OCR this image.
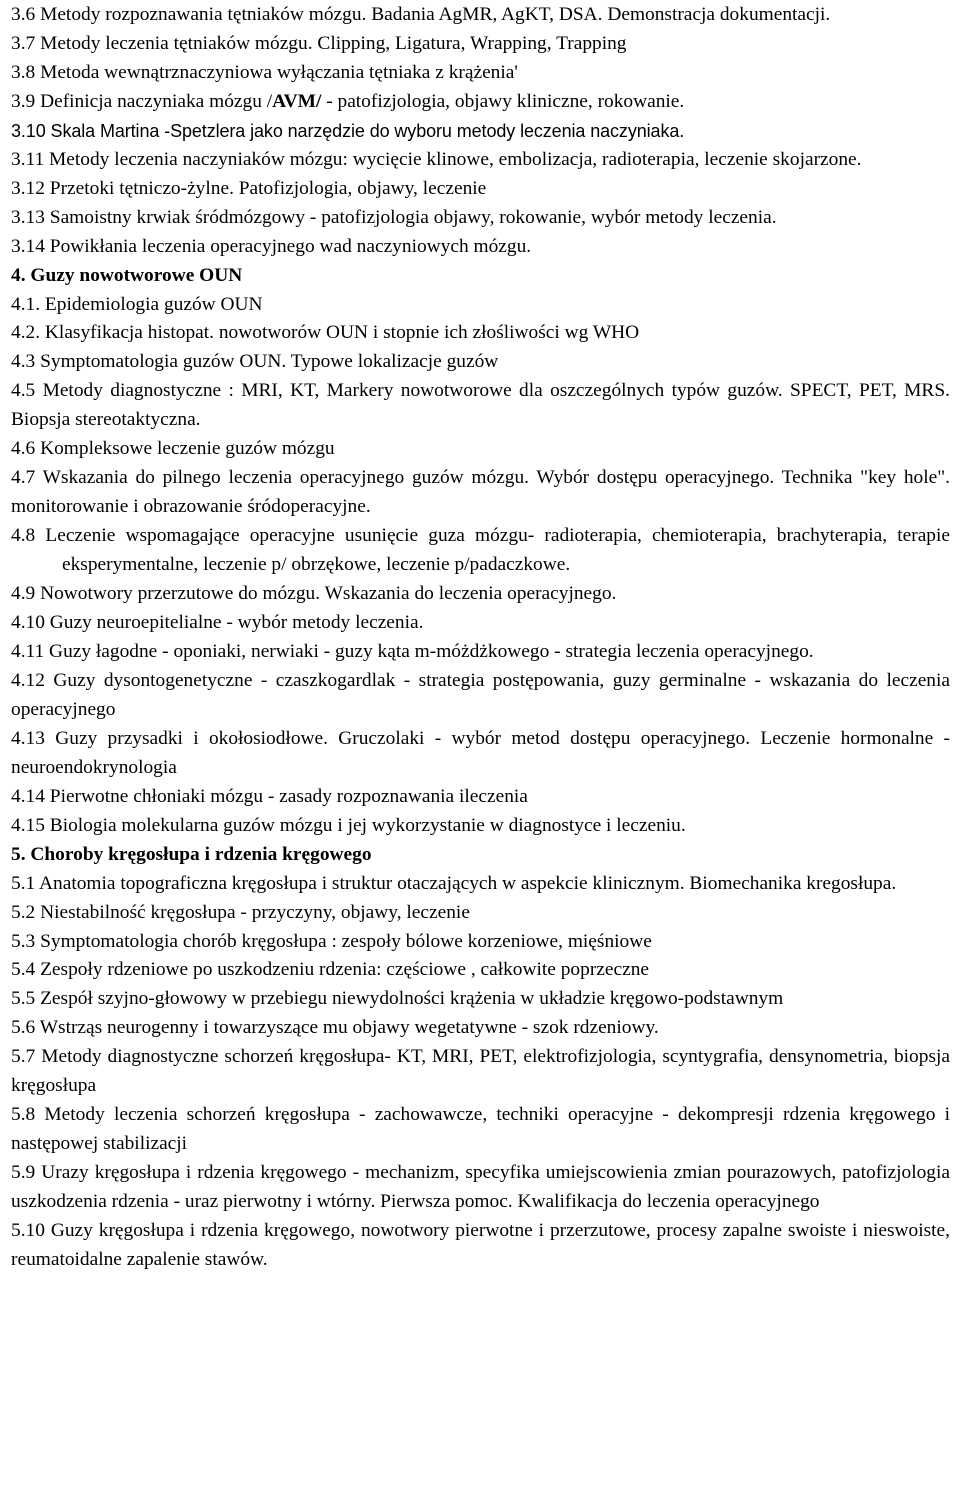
3.6 Metody rozpoznawania tętniaków mózgu. Badania AgMR, AgKT, DSA. Demonstracja dokumentacji.

3.7 Metody leczenia tętniaków mózgu. Clipping, Ligatura, Wrapping, Trapping

3.8 Metoda wewnątrznaczyniowa wyłączania tętniaka z krążenia'

3.9 Definicja naczyniaka mózgu /AVM/ - patofizjologia, objawy kliniczne, rokowanie.

3.10 Skala Martina -Spetzlera jako narzędzie do wyboru metody leczenia naczyniaka.

3.11 Metody leczenia naczyniaków mózgu: wycięcie klinowe, embolizacja, radioterapia, leczenie skojarzone.

3.12 Przetoki tętniczo-żylne. Patofizjologia, objawy, leczenie

3.13 Samoistny krwiak śródmózgowy - patofizjologia objawy, rokowanie, wybór metody leczenia.

3.14 Powikłania leczenia operacyjnego wad naczyniowych mózgu.

4. Guzy nowotworowe OUN

4.1. Epidemiologia guzów OUN

4.2. Klasyfikacja histopat. nowotworów OUN i stopnie ich złośliwości wg WHO

4.3 Symptomatologia guzów OUN. Typowe lokalizacje guzów

4.5 Metody diagnostyczne : MRI, KT, Markery nowotworowe dla oszczególnych typów guzów. SPECT, PET, MRS. Biopsja stereotaktyczna.

4.6 Kompleksowe leczenie guzów mózgu

4.7 Wskazania do pilnego leczenia operacyjnego guzów mózgu. Wybór dostępu operacyjnego. Technika "key hole". monitorowanie i obrazowanie śródoperacyjne.

4.8 Leczenie wspomagające operacyjne usunięcie guza mózgu- radioterapia, chemioterapia, brachyterapia, terapie eksperymentalne, leczenie p/ obrzękowe, leczenie p/padaczkowe.

4.9 Nowotwory przerzutowe do mózgu. Wskazania do leczenia operacyjnego.

4.10 Guzy neuroepitelialne - wybór metody leczenia.

4.11 Guzy łagodne - oponiaki, nerwiaki - guzy kąta m-móżdżkowego - strategia leczenia operacyjnego.

4.12 Guzy dysontogenetyczne - czaszkogardlak - strategia postępowania, guzy germinalne - wskazania do leczenia operacyjnego

4.13 Guzy przysadki i okołosiodłowe. Gruczolaki - wybór metod dostępu operacyjnego. Leczenie hormonalne - neuroendokrynologia

4.14 Pierwotne chłoniaki mózgu - zasady rozpoznawania ileczenia

4.15 Biologia molekularna guzów mózgu i jej wykorzystanie w diagnostyce i leczeniu.

5. Choroby kręgosłupa i rdzenia kręgowego

5.1 Anatomia topograficzna kręgosłupa i struktur otaczających w aspekcie klinicznym. Biomechanika kregosłupa.

5.2 Niestabilność kręgosłupa - przyczyny, objawy, leczenie

5.3 Symptomatologia chorób kręgosłupa : zespoły bólowe korzeniowe, mięśniowe

5.4 Zespoły rdzeniowe po uszkodzeniu rdzenia: częściowe , całkowite poprzeczne

5.5 Zespół szyjno-głowowy w przebiegu niewydolności krążenia w układzie kręgowo-podstawnym

5.6 Wstrząs neurogenny i towarzyszące mu objawy wegetatywne - szok rdzeniowy.

5.7 Metody diagnostyczne schorzeń kręgosłupa- KT, MRI, PET, elektrofizjologia, scyntygrafia, densynometria, biopsja kręgosłupa

5.8 Metody leczenia schorzeń kręgosłupa - zachowawcze, techniki operacyjne - dekompresji rdzenia kręgowego i następowej stabilizacji

5.9 Urazy kręgosłupa i rdzenia kręgowego - mechanizm, specyfika umiejscowienia zmian pourazowych, patofizjologia uszkodzenia rdzenia - uraz pierwotny i wtórny. Pierwsza pomoc. Kwalifikacja do leczenia operacyjnego

5.10 Guzy kręgosłupa i rdzenia kręgowego, nowotwory pierwotne i przerzutowe, procesy zapalne swoiste i nieswoiste, reumatoidalne zapalenie stawów.
